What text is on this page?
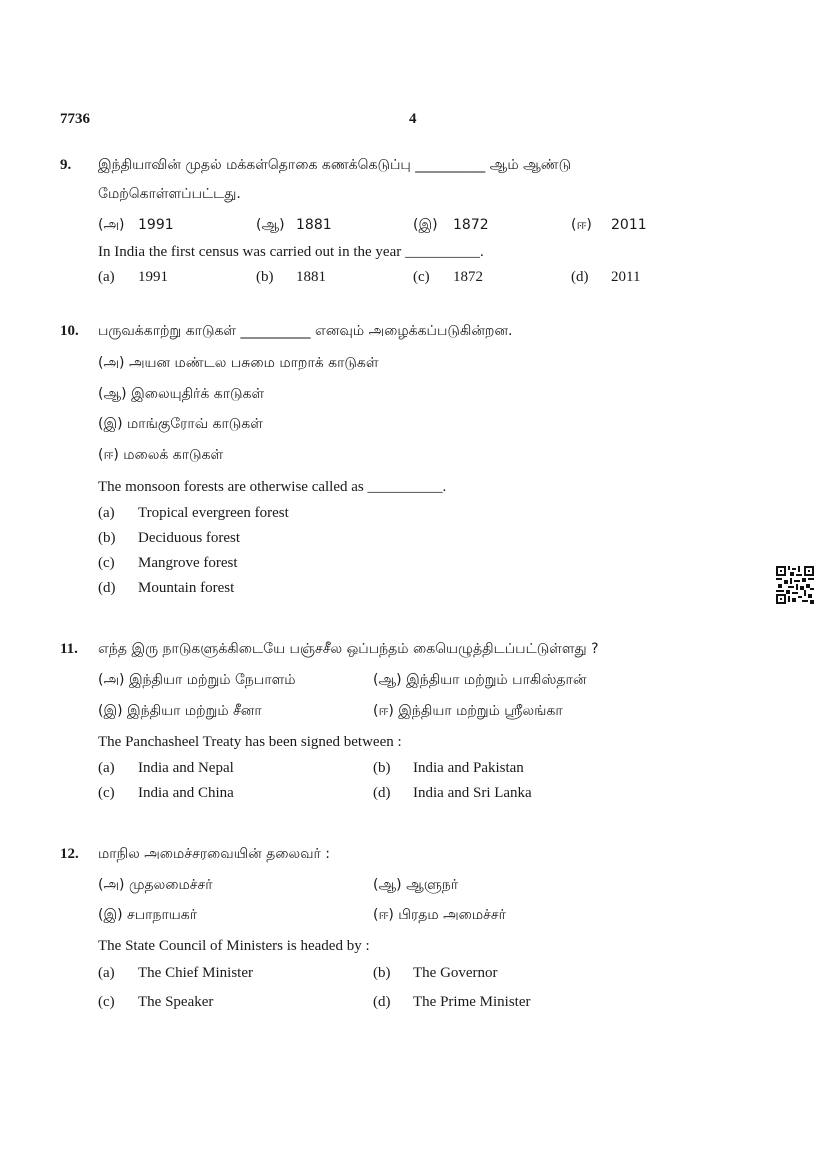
7736	4
9. இந்தியாவின் முதல் மக்கள்தொகை கணக்கெடுப்பு __________ ஆம் ஆண்டு
மேற்கொள்ளப்பட்டது.
(அ) 1991	(ஆ) 1881	(இ) 1872	(ஈ) 2011
In India the first census was carried out in the year __________.
(a) 1991	(b) 1881	(c) 1872	(d) 2011
10. பருவக்காற்று காடுகள் __________ எனவும் அழைக்கப்படுகின்றன.
(அ) அயன மண்டல பசுமை மாறாக் காடுகள்
(ஆ) இலையுதிர்க் காடுகள்
(இ) மாங்குரோவ் காடுகள்
(ஈ) மலைக் காடுகள்
The monsoon forests are otherwise called as __________.
(a) Tropical evergreen forest
(b) Deciduous forest
(c) Mangrove forest
(d) Mountain forest
11. எந்த இரு நாடுகளுக்கிடையே பஞ்சசீல ஒப்பந்தம் கையெழுத்திடப்பட்டுள்ளது ?
(அ) இந்தியா மற்றும் நேபாளம்	(ஆ) இந்தியா மற்றும் பாகிஸ்தான்
(இ) இந்தியா மற்றும் சீனா	(ஈ) இந்தியா மற்றும் ஸ்ரீலங்கா
The Panchasheel Treaty has been signed between :
(a) India and Nepal	(b) India and Pakistan
(c) India and China	(d) India and Sri Lanka
12. மாநில அமைச்சரவையின் தலைவர் :
(அ) முதலமைச்சர்	(ஆ) ஆளுநர்
(இ) சபாநாயகர்	(ஈ) பிரதம அமைச்சர்
The State Council of Ministers is headed by :
(a) The Chief Minister	(b) The Governor
(c) The Speaker	(d) The Prime Minister
